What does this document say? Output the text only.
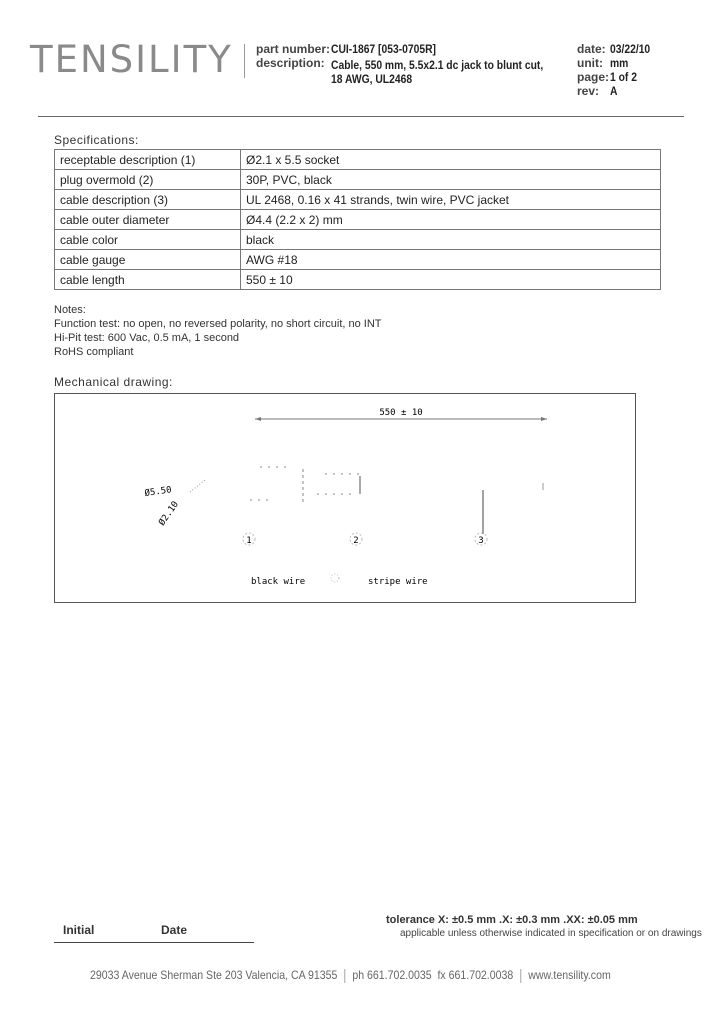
TENSILITY part number: CUI-1867 [053-0705R]
description: Cable, 550 mm, 5.5x2.1 dc jack to blunt cut,
18 AWG, UL2468
date: 03/22/10
unit: mm
page: 1 of 2
rev: A
Specifications:
receptable description (1)	Ø2.1 x 5.5 socket
plug overmold (2)	30P, PVC, black
cable description (3)	UL 2468, 0.16 x 41 strands, twin wire, PVC jacket
cable outer diameter	Ø4.4 (2.2 x 2) mm
cable color	black
cable gauge	AWG #18
cable length	550 ± 10
Notes:
Function test: no open, no reversed polarity, no short circuit, no INT
Hi-Pit test: 600 Vac, 0.5 mA, 1 second
RoHS compliant
Mechanical drawing:
550 ± 10
Ø5.50
Ø2.10
1	2	3
black wire	stripe wire
Initial	Date
tolerance X: ±0.5 mm .X: ±0.3 mm .XX: ±0.05 mm
applicable unless otherwise indicated in specification or on drawings
29033 Avenue Sherman Ste 203 Valencia, CA 91355 ph 661.702.0035 fx 661.702.0038 www.tensility.com
